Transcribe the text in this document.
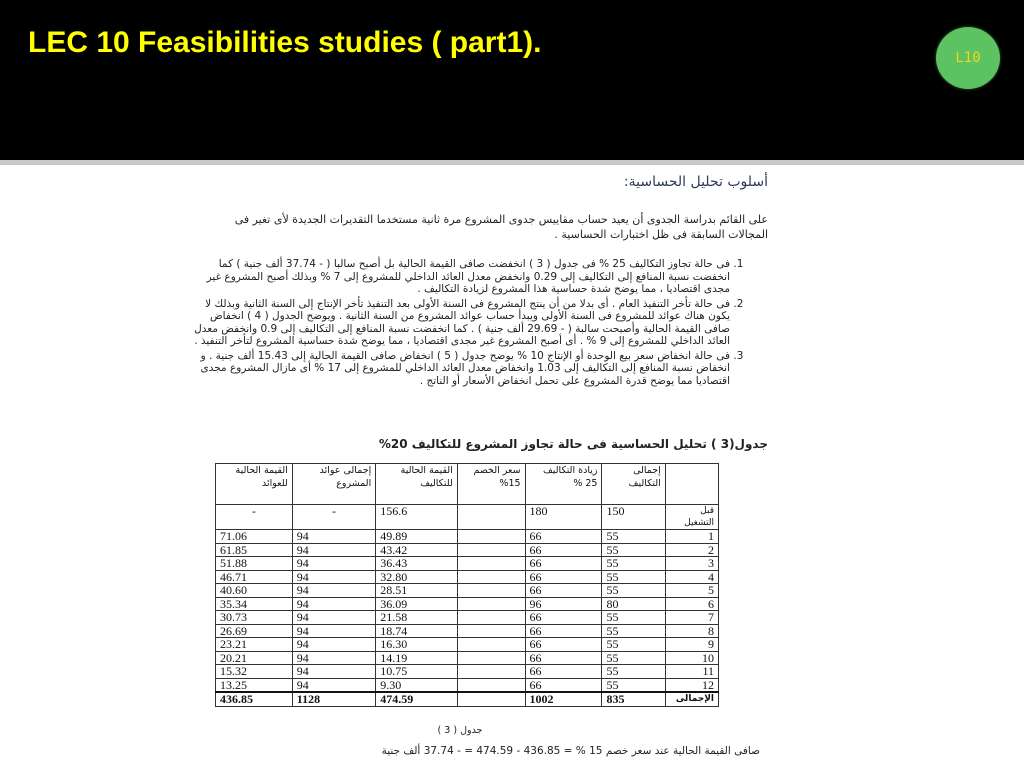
LEC 10 Feasibilities studies ( part1).	L10
أسلوب تحليل الحساسية:
على القائم بدراسة الجدوى أن يعيد حساب مقاييس جدوى المشروع مرة ثانية مستخدما التقديرات الجديدة لأى تغير فى المجالات السابقة فى ظل اختبارات الحساسية .
1. فى حالة تجاوز التكاليف 25 % فى جدول ( 3 ) انخفضت صافى القيمة الحالية بل أصبح سالبا ( - 37.74 ألف جنية ) كما انخفضت نسبة المنافع إلى التكاليف إلى 0.29 وانخفض معدل العائد الداخلي للمشروع إلى 7 % وبذلك أصبح المشروع غير مجدى اقتصاديا ، مما يوضح شدة حساسية هذا المشروع لزيادة التكاليف .
2. فى حالة تأخر التنفيذ العام . أى بدلا من أن ينتج المشروع فى السنة الأولى بعد التنفيذ تأخر الإنتاج إلى السنة الثانية وبذلك لا يكون هناك عوائد للمشروع فى السنة الأولى ويبدأ حساب عوائد المشروع من السنة الثانية . ويوضح الجدول ( 4 ) انخفاض صافى القيمة الحالية وأصبحت سالبة ( - 29.69 ألف جنية ) . كما انخفضت نسبة المنافع إلى التكاليف إلى 0.9 وانخفض معدل العائد الداخلي للمشروع إلى 9 % . أى أصبح المشروع غير مجدى اقتصاديا ، مما يوضح شدة حساسية المشروع لتأخر التنفيذ .
3. فى حالة انخفاض سعر بيع الوحدة أو الإنتاج 10 % يوضح جدول ( 5 ) انخفاض صافى القيمة الحالية إلى 15.43 ألف جنية . و انخفاض نسبة المنافع إلى التكاليف إلى 1.03 وانخفاض معدل العائد الداخلي للمشروع إلى 17 % أى مازال المشروع مجدى اقتصاديا مما يوضح قدرة المشروع على تحمل انخفاض الأسعار أو الناتج .
جدول(3 ) تحليل الحساسية فى حالة تجاوز المشروع للتكاليف 20%
	إجمالى التكاليف	زيادة التكاليف 25 %	سعر الخصم 15%	القيمة الحالية للتكاليف	إجمالى عوائد المشروع	القيمة الحالية للعوائد
قبل التشغيل	150	180		156.6	-	-
1	55	66		49.89	94	71.06
2	55	66		43.42	94	61.85
3	55	66		36.43	94	51.88
4	55	66		32.80	94	46.71
5	55	66		28.51	94	40.60
6	80	96		36.09	94	35.34
7	55	66		21.58	94	30.73
8	55	66		18.74	94	26.69
9	55	66		16.30	94	23.21
10	55	66		14.19	94	20.21
11	55	66		10.75	94	15.32
12	55	66		9.30	94	13.25
الإجمالى	835	1002		474.59	1128	436.85
جدول ( 3 )
صافى القيمة الحالية عند سعر خصم 15 % = 436.85 - 474.59 = - 37.74 ألف جنية
